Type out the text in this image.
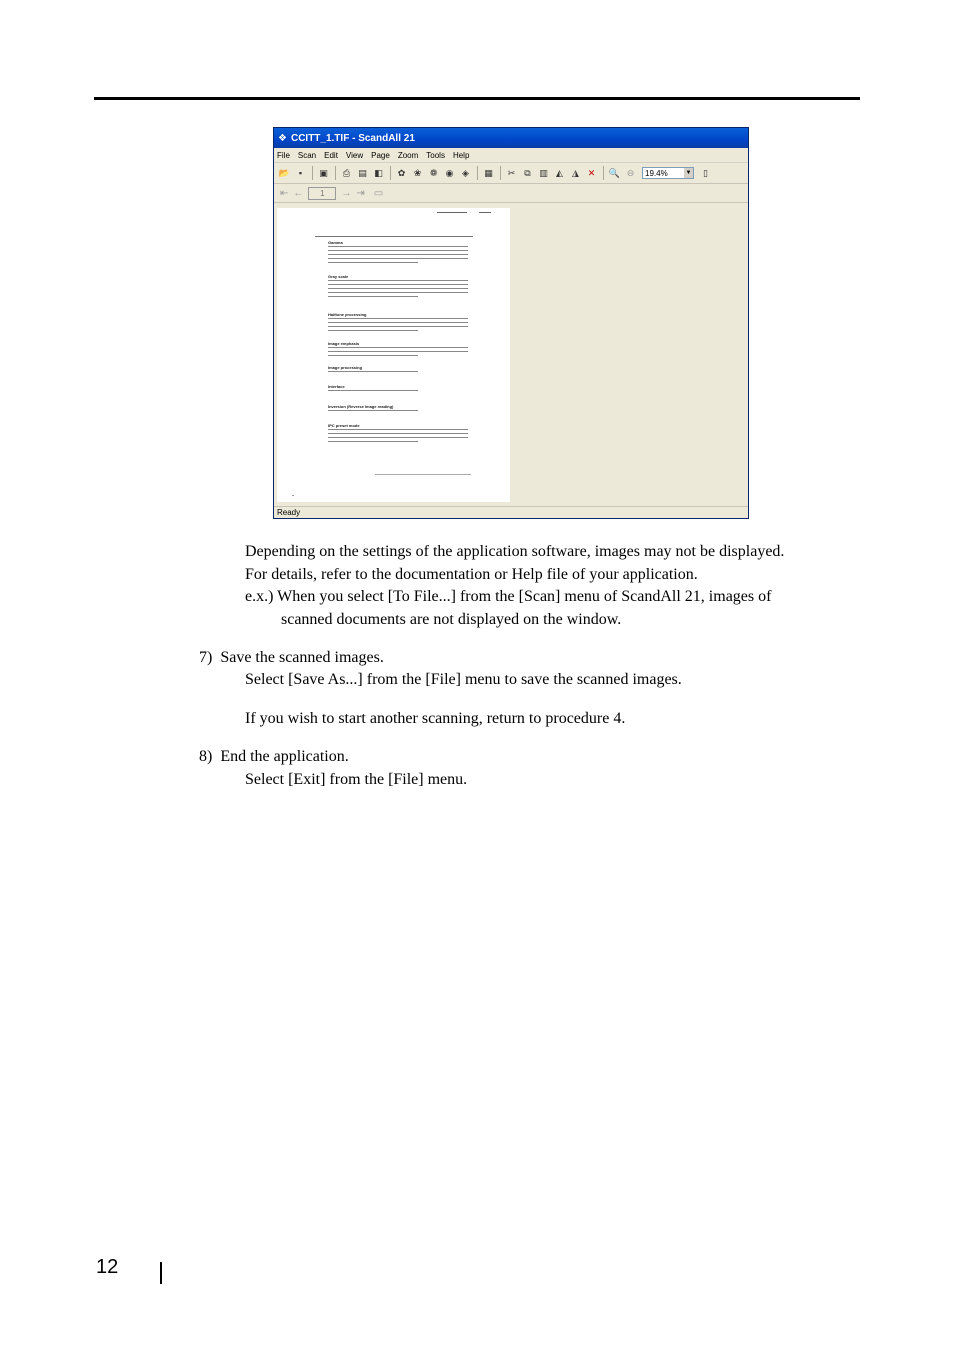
❖ CCITT_1.TIF - ScandAll 21
File Scan Edit View Page Zoom Tools Help
📂 ▪	▣	⎙ ▤ ◧	✿ ❀ ❁ ◉ ◈	▦	✂	⧉ ▥ ◭	◮ ✕	🔍 ⊖	19.4%	▼	▯
⇤ ←	1	→ ⇥ ▭
Gamma
Gray scale
Halftone processing
Image emphasis
Image processing
Interface
Inversion (Reverse image reading)
IPC preset mode
Ready
Depending on the settings of the application software, images may not be displayed.
For details, refer to the documentation or Help file of your application.
e.x.) When you select [To File...] from the [Scan] menu of ScandAll 21, images of
scanned documents are not displayed on the window.
7)  Save the scanned images.
Select [Save As...] from the [File] menu to save the scanned images.
If you wish to start another scanning, return to procedure 4.
8)  End the application.
Select [Exit] from the [File] menu.
12
